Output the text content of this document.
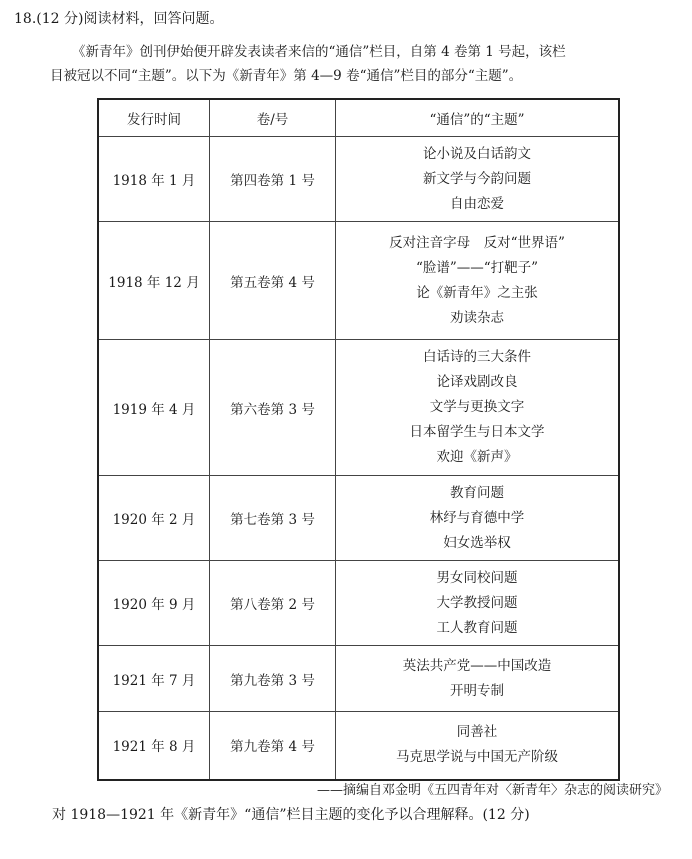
18.(12 分)阅读材料，回答问题。
《新青年》创刊伊始便开辟发表读者来信的“通信”栏目，自第 4 卷第 1 号起，该栏
目被冠以不同“主题”。以下为《新青年》第 4—9 卷“通信”栏目的部分“主题”。
发行时间	卷/号	“通信”的“主题”
1918 年 1 月	第四卷第 1 号	论小说及白话韵文
新文学与今韵问题
自由恋爱

1918 年 12 月	第五卷第 4 号	反对注音字母　反对“世界语”
“脸谱”——“打靶子”
论《新青年》之主张
劝读杂志

1919 年 4 月	第六卷第 3 号	白话诗的三大条件
论译戏剧改良
文学与更换文字
日本留学生与日本文学
欢迎《新声》

1920 年 2 月	第七卷第 3 号	教育问题
林纾与育德中学
妇女选举权

1920 年 9 月	第八卷第 2 号	男女同校问题
大学教授问题
工人教育问题

1921 年 7 月	第九卷第 3 号	英法共产党——中国改造
开明专制

1921 年 8 月	第九卷第 4 号	同善社
马克思学说与中国无产阶级
——摘编自邓金明《五四青年对〈新青年〉杂志的阅读研究》
对 1918—1921 年《新青年》“通信”栏目主题的变化予以合理解释。(12 分)
